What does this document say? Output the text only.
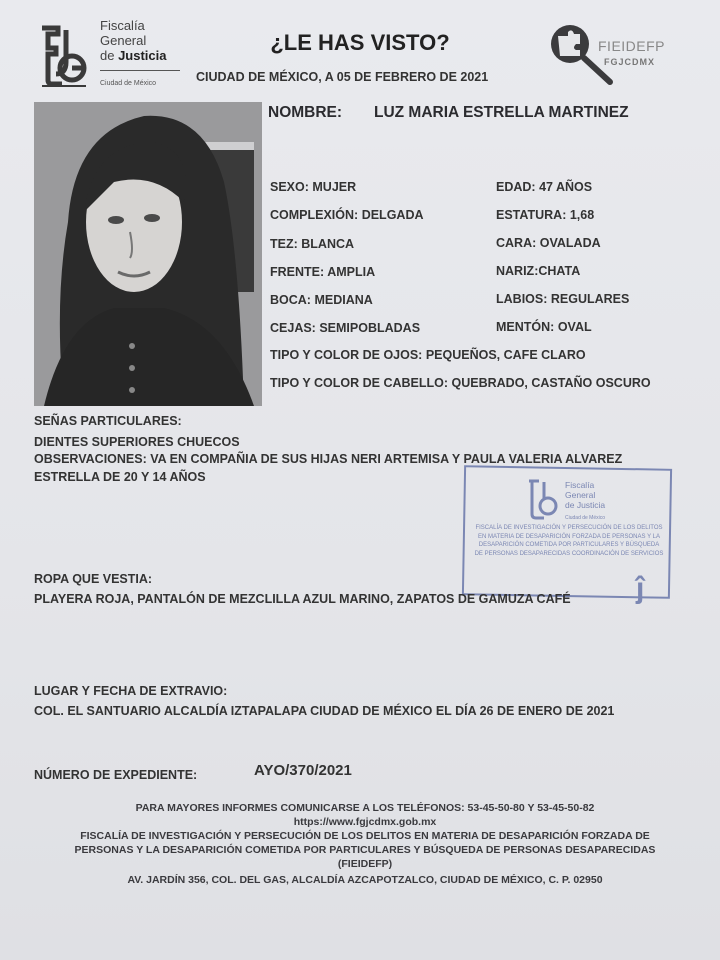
Fiscalía
General
de Justicia
Ciudad de México
¿LE HAS VISTO?
CIUDAD DE MÉXICO, A 05 DE FEBRERO DE 2021
FIEIDEFP
FGJCDMX
NOMBRE: LUZ MARIA ESTRELLA MARTINEZ
SEXO: MUJER
COMPLEXIÓN: DELGADA
TEZ: BLANCA
FRENTE: AMPLIA
BOCA: MEDIANA
CEJAS: SEMIPOBLADAS
EDAD: 47 AÑOS
ESTATURA: 1,68
CARA: OVALADA
NARIZ:CHATA
LABIOS: REGULARES
MENTÓN: OVAL
TIPO Y COLOR DE OJOS: PEQUEÑOS, CAFE CLARO
TIPO Y COLOR DE CABELLO: QUEBRADO, CASTAÑO OSCURO
SEÑAS PARTICULARES:
DIENTES SUPERIORES CHUECOS
OBSERVACIONES: VA EN COMPAÑIA DE SUS HIJAS NERI ARTEMISA Y PAULA VALERIA ALVAREZ
ESTRELLA DE 20 Y 14 AÑOS
Fiscalía
General
de Justicia
Ciudad de México
FISCALÍA DE INVESTIGACIÓN Y PERSECUCIÓN DE LOS DELITOS EN MATERIA DE DESAPARICIÓN FORZADA DE PERSONAS Y LA DESAPARICIÓN COMETIDA POR PARTICULARES Y BÚSQUEDA DE PERSONAS DESAPARECIDAS COORDINACIÓN DE SERVICIOS
ĵ
ROPA QUE VESTIA:
PLAYERA ROJA, PANTALÓN DE MEZCLILLA AZUL MARINO, ZAPATOS DE GAMUZA CAFÉ
LUGAR Y FECHA DE EXTRAVIO:
COL. EL SANTUARIO ALCALDÍA IZTAPALAPA CIUDAD DE MÉXICO EL DÍA 26 DE ENERO DE 2021
NÚMERO DE EXPEDIENTE:	AYO/370/2021
PARA MAYORES INFORMES COMUNICARSE A LOS TELÉFONOS: 53-45-50-80 Y 53-45-50-82
https://www.fgjcdmx.gob.mx
FISCALÍA DE INVESTIGACIÓN Y PERSECUCIÓN DE LOS DELITOS EN MATERIA DE DESAPARICIÓN FORZADA DE
PERSONAS Y LA DESAPARICIÓN COMETIDA POR PARTICULARES Y BÚSQUEDA DE PERSONAS DESAPARECIDAS
(FIEIDEFP)
AV. JARDÍN 356, COL. DEL GAS, ALCALDÍA AZCAPOTZALCO, CIUDAD DE MÉXICO, C. P. 02950
